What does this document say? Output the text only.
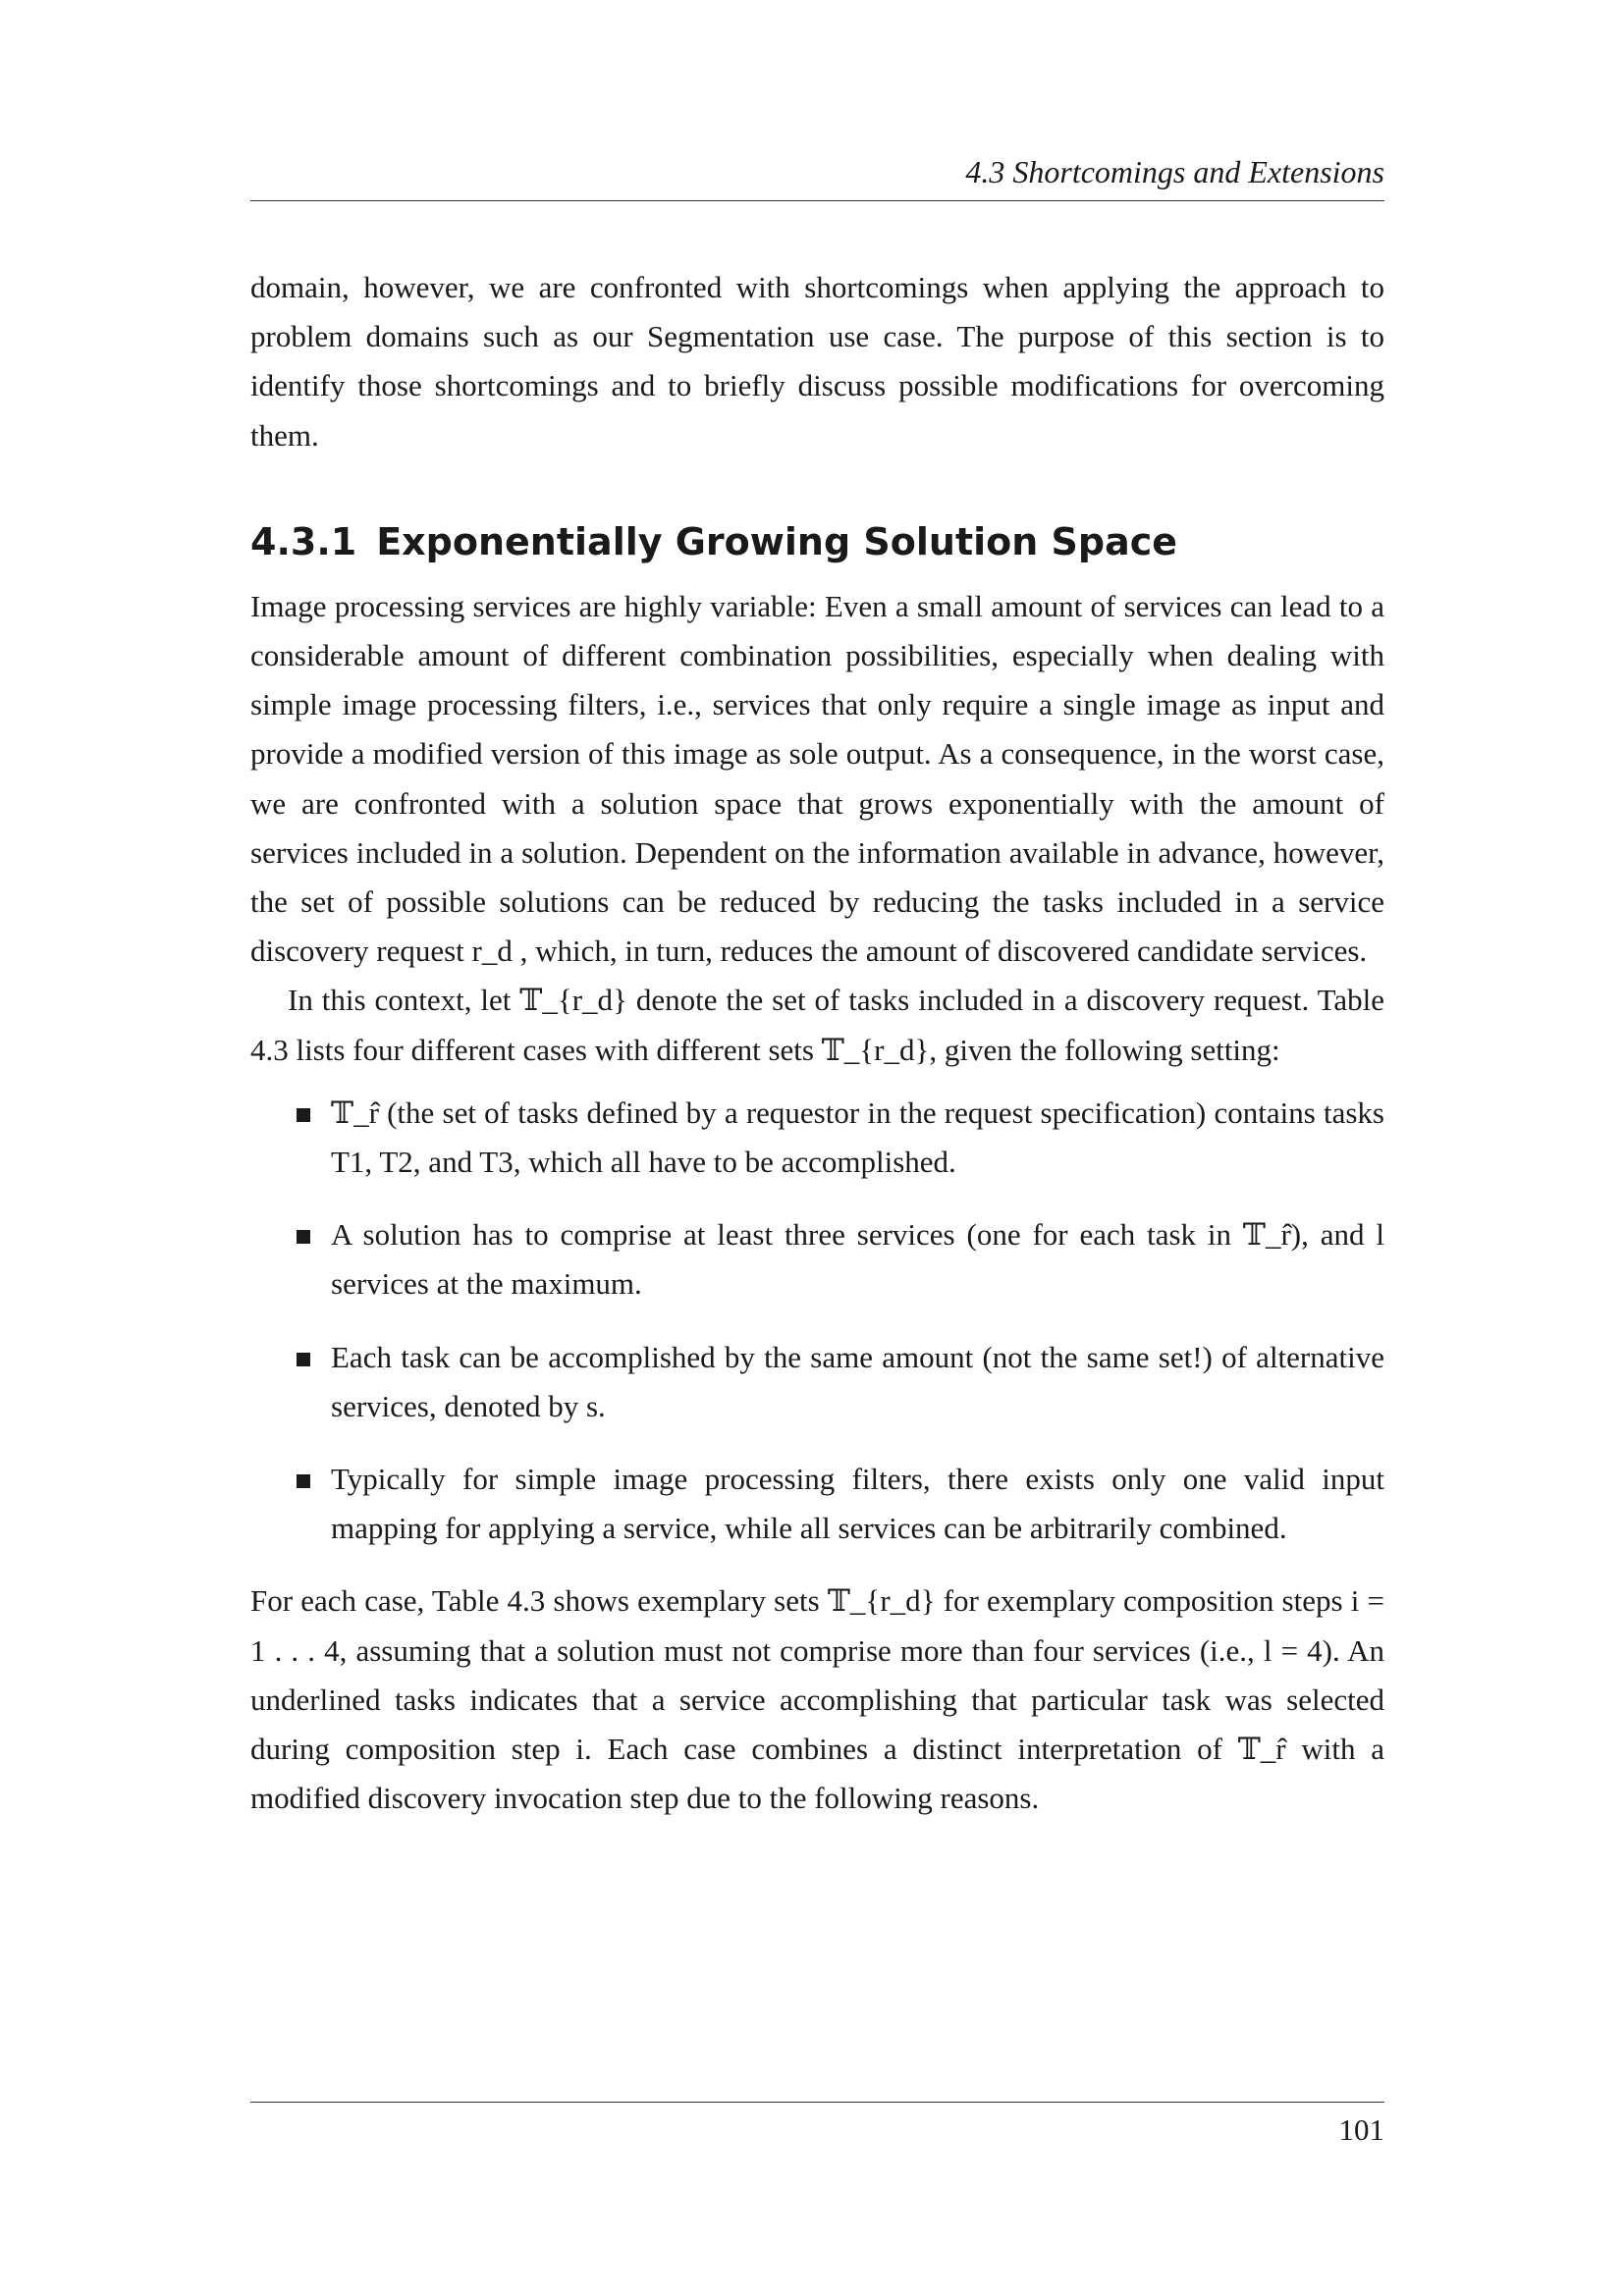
4.3 Shortcomings and Extensions

domain, however, we are confronted with shortcomings when applying the approach to problem domains such as our Segmentation use case. The purpose of this section is to identify those shortcomings and to briefly discuss possible modifications for overcoming them.

4.3.1 Exponentially Growing Solution Space

Image processing services are highly variable: Even a small amount of services can lead to a considerable amount of different combination possibilities, especially when dealing with simple image processing filters, i.e., services that only require a single image as input and provide a modified version of this image as sole output. As a consequence, in the worst case, we are confronted with a solution space that grows exponentially with the amount of services included in a solution. Dependent on the information available in advance, however, the set of possible solutions can be reduced by reducing the tasks included in a service discovery request r_d , which, in turn, reduces the amount of discovered candidate services.

In this context, let 𝕋_{r_d} denote the set of tasks included in a discovery request. Table 4.3 lists four different cases with different sets 𝕋_{r_d}, given the following setting:

𝕋_r̂ (the set of tasks defined by a requestor in the request specification) contains tasks T1, T2, and T3, which all have to be accomplished.
A solution has to comprise at least three services (one for each task in 𝕋_r̂), and l services at the maximum.
Each task can be accomplished by the same amount (not the same set!) of alternative services, denoted by s.
Typically for simple image processing filters, there exists only one valid input mapping for applying a service, while all services can be arbitrarily combined.

For each case, Table 4.3 shows exemplary sets 𝕋_{r_d} for exemplary composition steps i = 1 . . . 4, assuming that a solution must not comprise more than four services (i.e., l = 4). An underlined tasks indicates that a service accomplishing that particular task was selected during composition step i. Each case combines a distinct interpretation of 𝕋_r̂ with a modified discovery invocation step due to the following reasons.

101
